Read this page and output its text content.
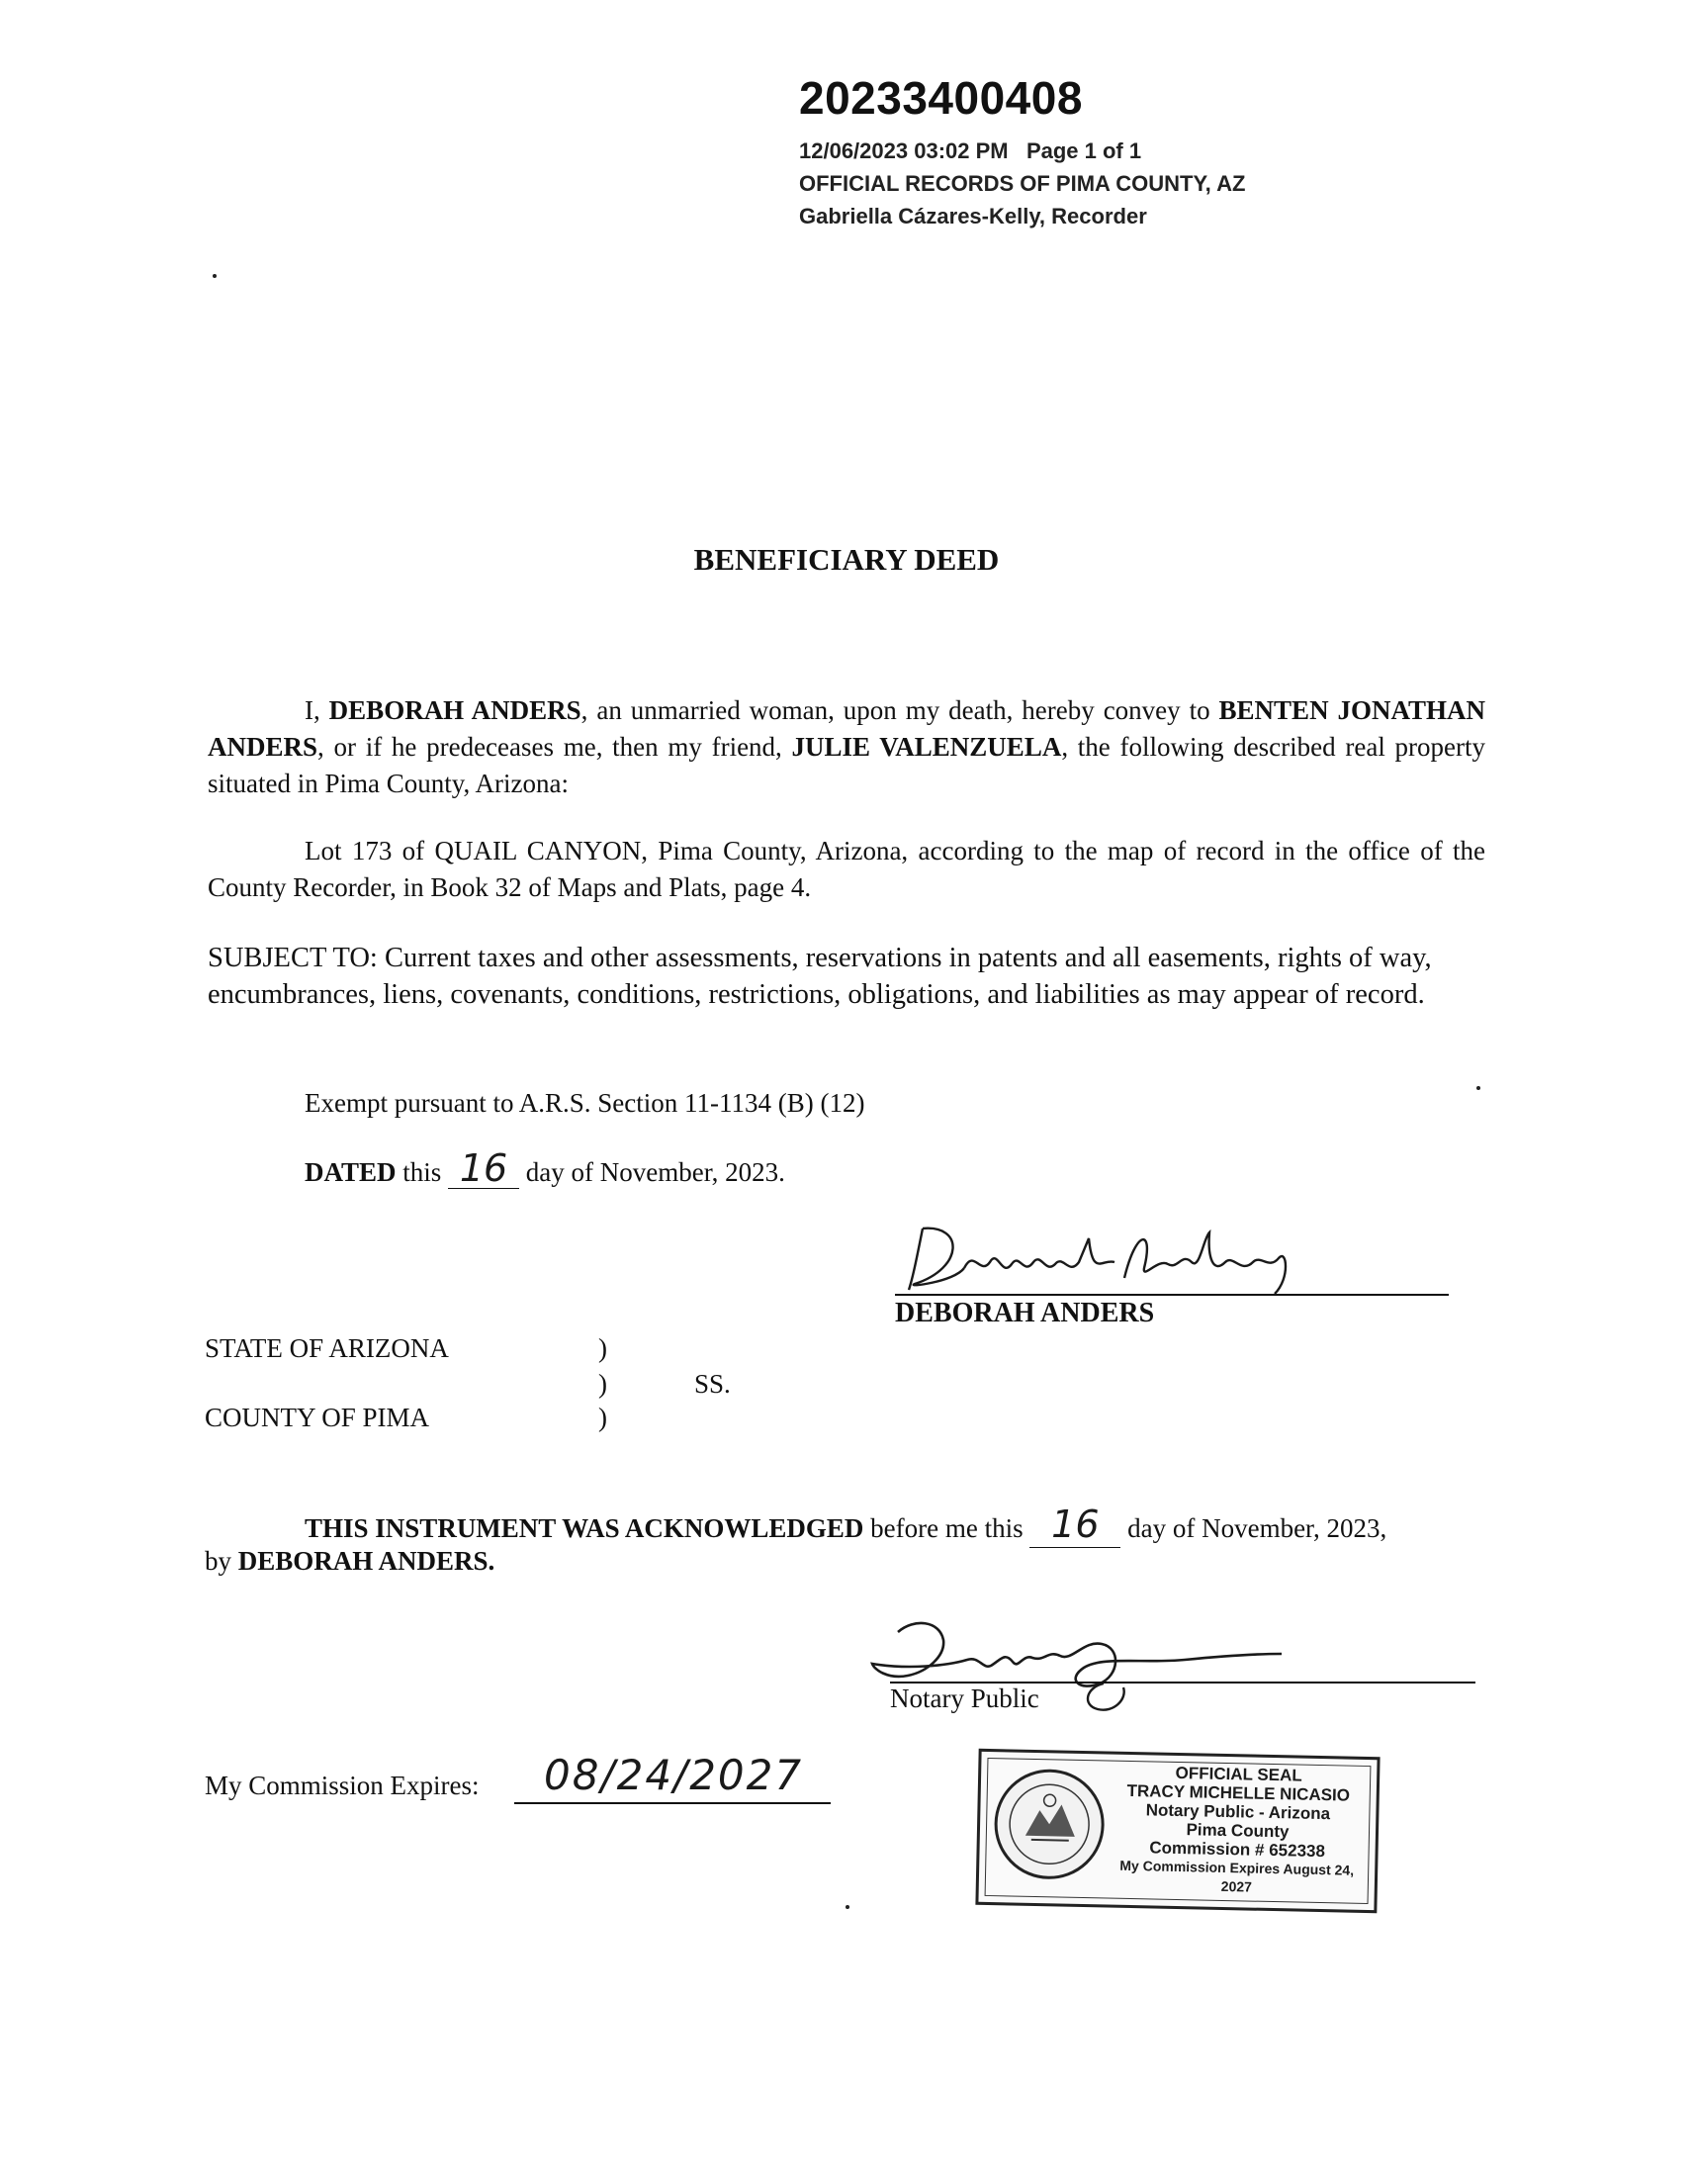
20233400408
12/06/2023 03:02 PM Page 1 of 1
OFFICIAL RECORDS OF PIMA COUNTY, AZ
Gabriella Cázares-Kelly, Recorder
BENEFICIARY DEED
I, DEBORAH ANDERS, an unmarried woman, upon my death, hereby convey to BENTEN JONATHAN ANDERS, or if he predeceases me, then my friend, JULIE VALENZUELA, the following described real property situated in Pima County, Arizona:
Lot 173 of QUAIL CANYON, Pima County, Arizona, according to the map of record in the office of the County Recorder, in Book 32 of Maps and Plats, page 4.
SUBJECT TO: Current taxes and other assessments, reservations in patents and all easements, rights of way, encumbrances, liens, covenants, conditions, restrictions, obligations, and liabilities as may appear of record.
Exempt pursuant to A.R.S. Section 11-1134 (B) (12)
DATED this 16 day of November, 2023.
DEBORAH ANDERS
STATE OF ARIZONA	)
)	SS.
COUNTY OF PIMA	)
THIS INSTRUMENT WAS ACKNOWLEDGED before me this 16 day of November, 2023,
by DEBORAH ANDERS.
Notary Public
My Commission Expires: 08/24/2027	OFFICIAL SEAL
TRACY MICHELLE NICASIO
Notary Public - Arizona
Pima County
Commission # 652338
My Commission Expires August 24, 2027
